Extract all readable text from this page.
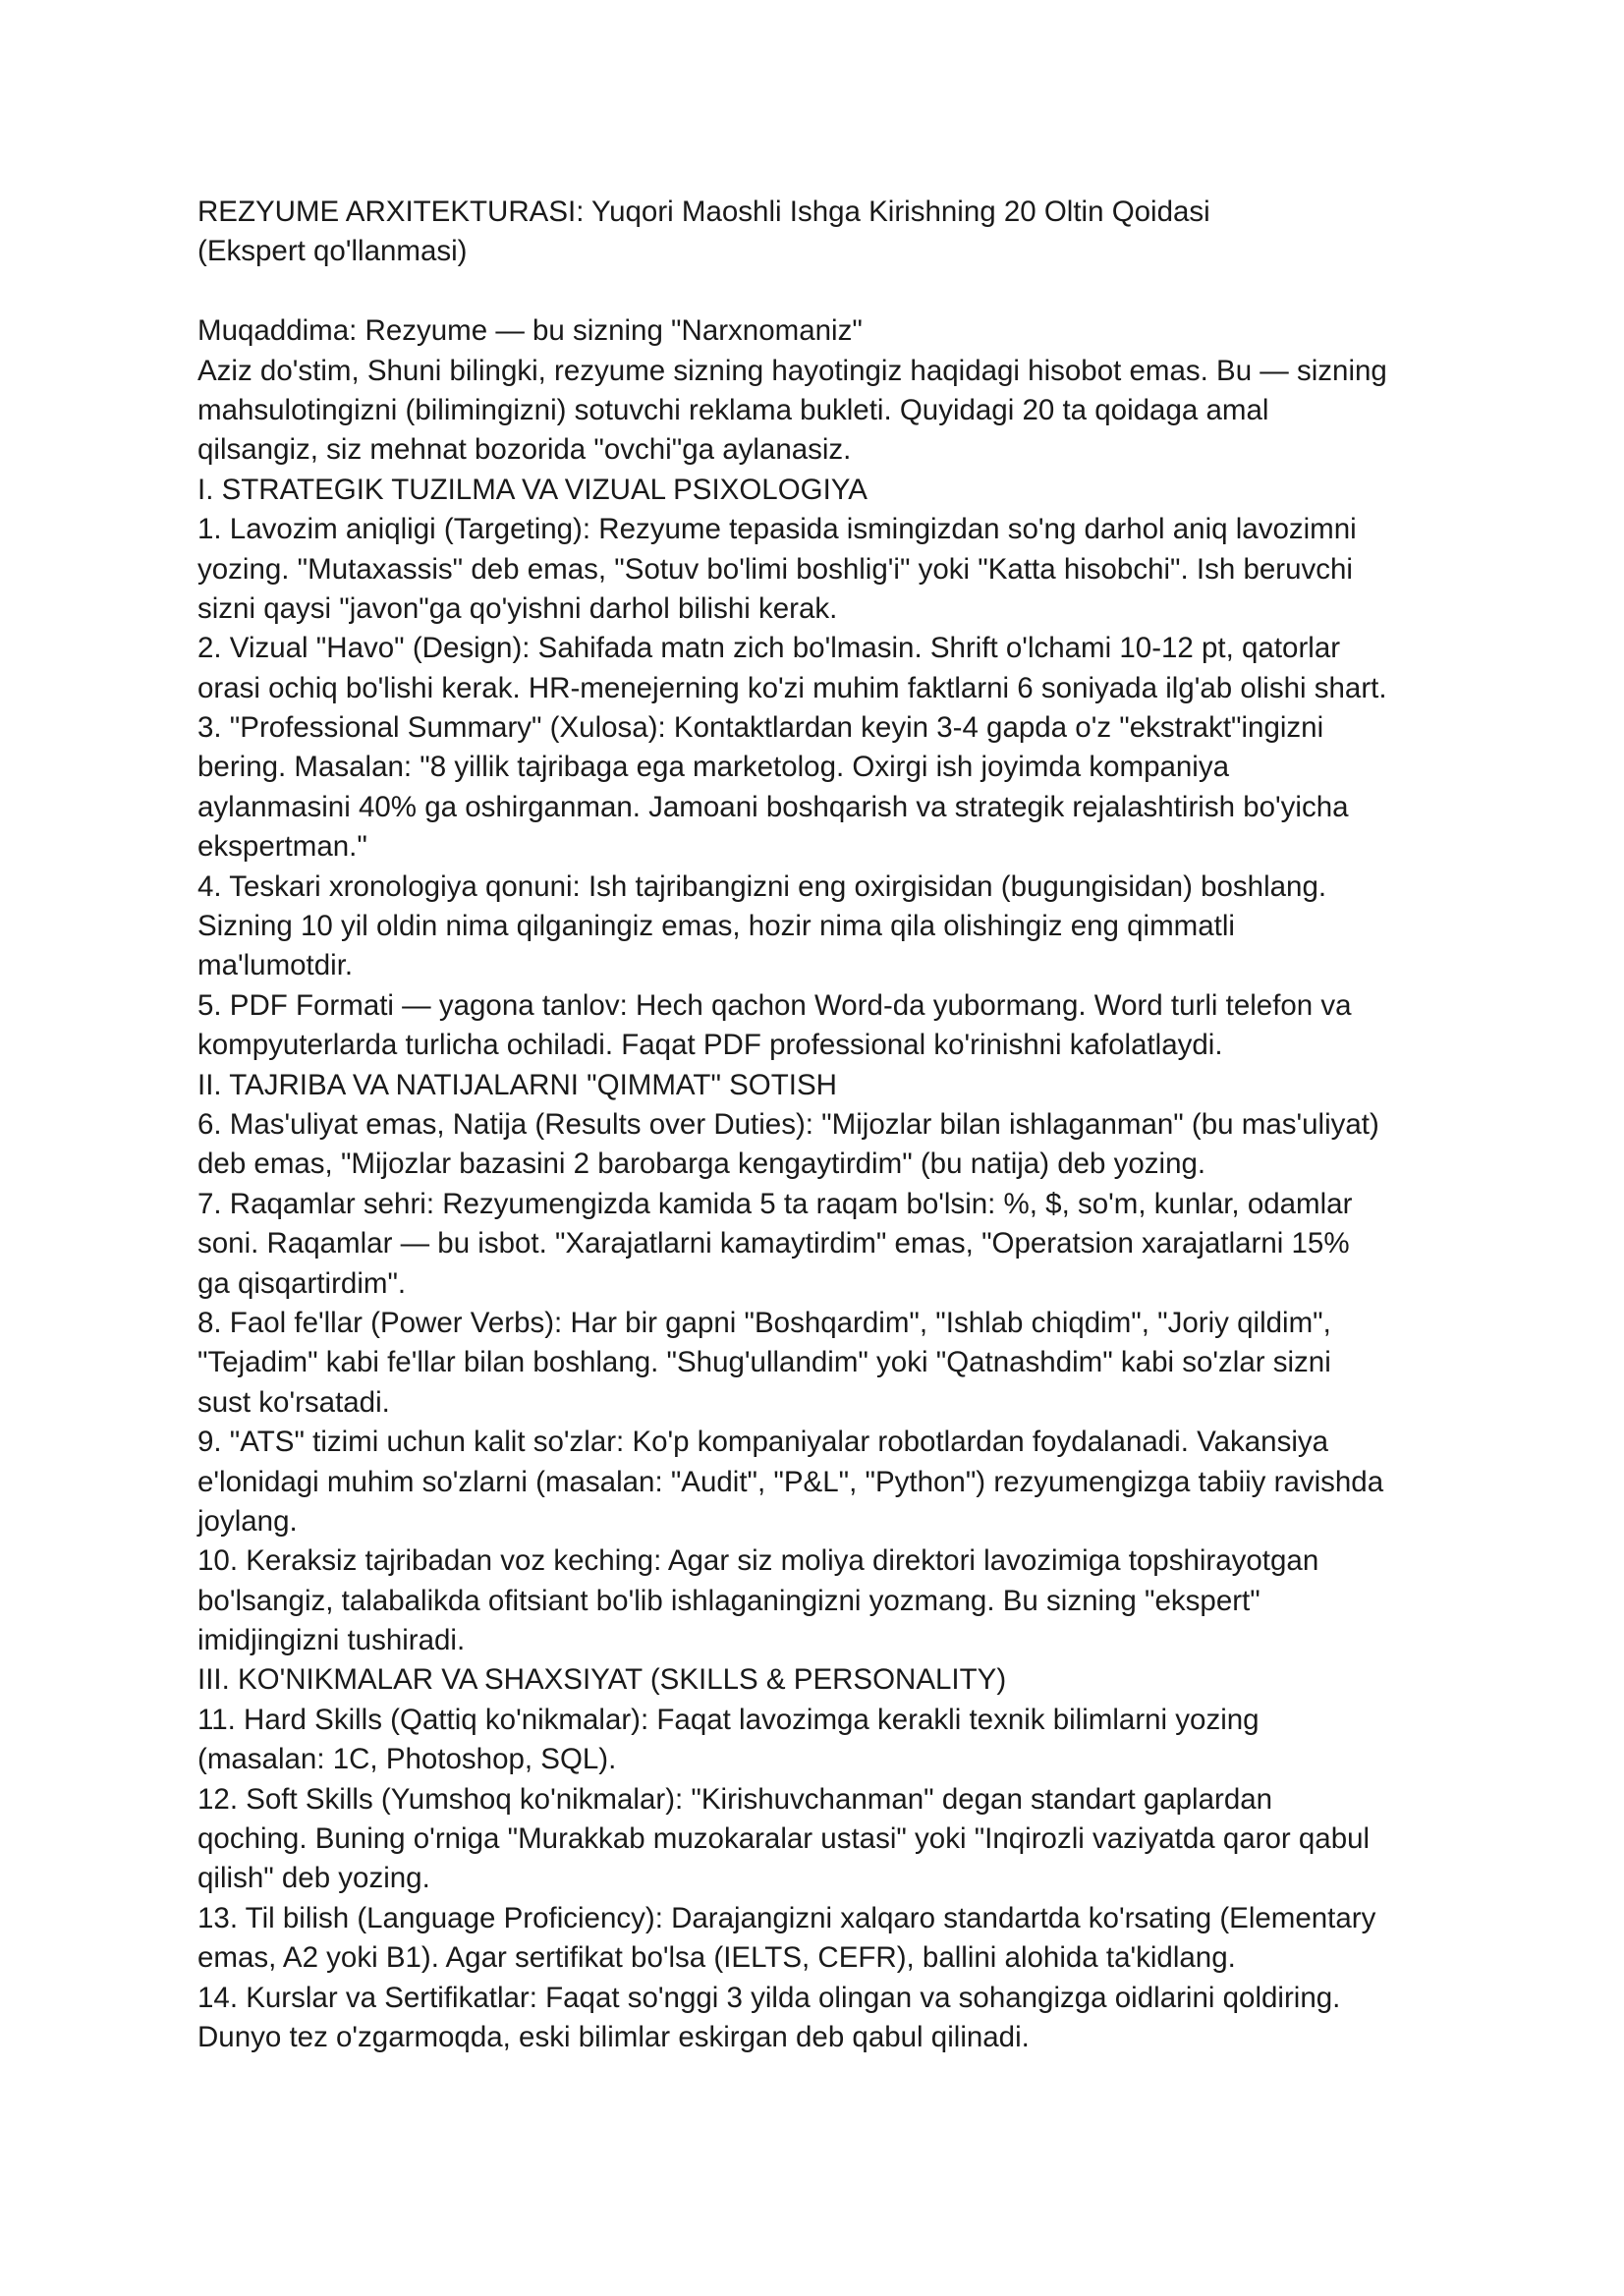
REZYUME ARXITEKTURASI: Yuqori Maoshli Ishga Kirishning 20 Oltin Qoidasi
(Ekspert qo'llanmasi)
Muqaddima: Rezyume — bu sizning "Narxnomaniz"
Aziz do'stim, Shuni bilingki, rezyume sizning hayotingiz haqidagi hisobot emas. Bu — sizning
mahsulotingizni (bilimingizni) sotuvchi reklama bukleti. Quyidagi 20 ta qoidaga amal
qilsangiz, siz mehnat bozorida "ovchi"ga aylanasiz.
I. STRATEGIK TUZILMA VA VIZUAL PSIXOLOGIYA
1. Lavozim aniqligi (Targeting): Rezyume tepasida ismingizdan so'ng darhol aniq lavozimni
yozing. "Mutaxassis" deb emas, "Sotuv bo'limi boshlig'i" yoki "Katta hisobchi". Ish beruvchi
sizni qaysi "javon"ga qo'yishni darhol bilishi kerak.
2. Vizual "Havo" (Design): Sahifada matn zich bo'lmasin. Shrift o'lchami 10-12 pt, qatorlar
orasi ochiq bo'lishi kerak. HR-menejerning ko'zi muhim faktlarni 6 soniyada ilg'ab olishi shart.
3. "Professional Summary" (Xulosa): Kontaktlardan keyin 3-4 gapda o'z "ekstrakt"ingizni
bering. Masalan: "8 yillik tajribaga ega marketolog. Oxirgi ish joyimda kompaniya
aylanmasini 40% ga oshirganman. Jamoani boshqarish va strategik rejalashtirish bo'yicha
ekspertman."
4. Teskari xronologiya qonuni: Ish tajribangizni eng oxirgisidan (bugungisidan) boshlang.
Sizning 10 yil oldin nima qilganingiz emas, hozir nima qila olishingiz eng qimmatli
ma'lumotdir.
5. PDF Formati — yagona tanlov: Hech qachon Word-da yubormang. Word turli telefon va
kompyuterlarda turlicha ochiladi. Faqat PDF professional ko'rinishni kafolatlaydi.
II. TAJRIBA VA NATIJALARNI "QIMMAT" SOTISH
6. Mas'uliyat emas, Natija (Results over Duties): "Mijozlar bilan ishlaganman" (bu mas'uliyat)
deb emas, "Mijozlar bazasini 2 barobarga kengaytirdim" (bu natija) deb yozing.
7. Raqamlar sehri: Rezyumengizda kamida 5 ta raqam bo'lsin: %, $, so'm, kunlar, odamlar
soni. Raqamlar — bu isbot. "Xarajatlarni kamaytirdim" emas, "Operatsion xarajatlarni 15%
ga qisqartirdim".
8. Faol fe'llar (Power Verbs): Har bir gapni "Boshqardim", "Ishlab chiqdim", "Joriy qildim",
"Tejadim" kabi fe'llar bilan boshlang. "Shug'ullandim" yoki "Qatnashdim" kabi so'zlar sizni
sust ko'rsatadi.
9. "ATS" tizimi uchun kalit so'zlar: Ko'p kompaniyalar robotlardan foydalanadi. Vakansiya
e'lonidagi muhim so'zlarni (masalan: "Audit", "P&L", "Python") rezyumengizga tabiiy ravishda
joylang.
10. Keraksiz tajribadan voz keching: Agar siz moliya direktori lavozimiga topshirayotgan
bo'lsangiz, talabalikda ofitsiant bo'lib ishlaganingizni yozmang. Bu sizning "ekspert"
imidjingizni tushiradi.
III. KO'NIKMALAR VA SHAXSIYAT (SKILLS & PERSONALITY)
11. Hard Skills (Qattiq ko'nikmalar): Faqat lavozimga kerakli texnik bilimlarni yozing
(masalan: 1C, Photoshop, SQL).
12. Soft Skills (Yumshoq ko'nikmalar): "Kirishuvchanman" degan standart gaplardan
qoching. Buning o'rniga "Murakkab muzokaralar ustasi" yoki "Inqirozli vaziyatda qaror qabul
qilish" deb yozing.
13. Til bilish (Language Proficiency): Darajangizni xalqaro standartda ko'rsating (Elementary
emas, A2 yoki B1). Agar sertifikat bo'lsa (IELTS, CEFR), ballini alohida ta'kidlang.
14. Kurslar va Sertifikatlar: Faqat so'nggi 3 yilda olingan va sohangizga oidlarini qoldiring.
Dunyo tez o'zgarmoqda, eski bilimlar eskirgan deb qabul qilinadi.
